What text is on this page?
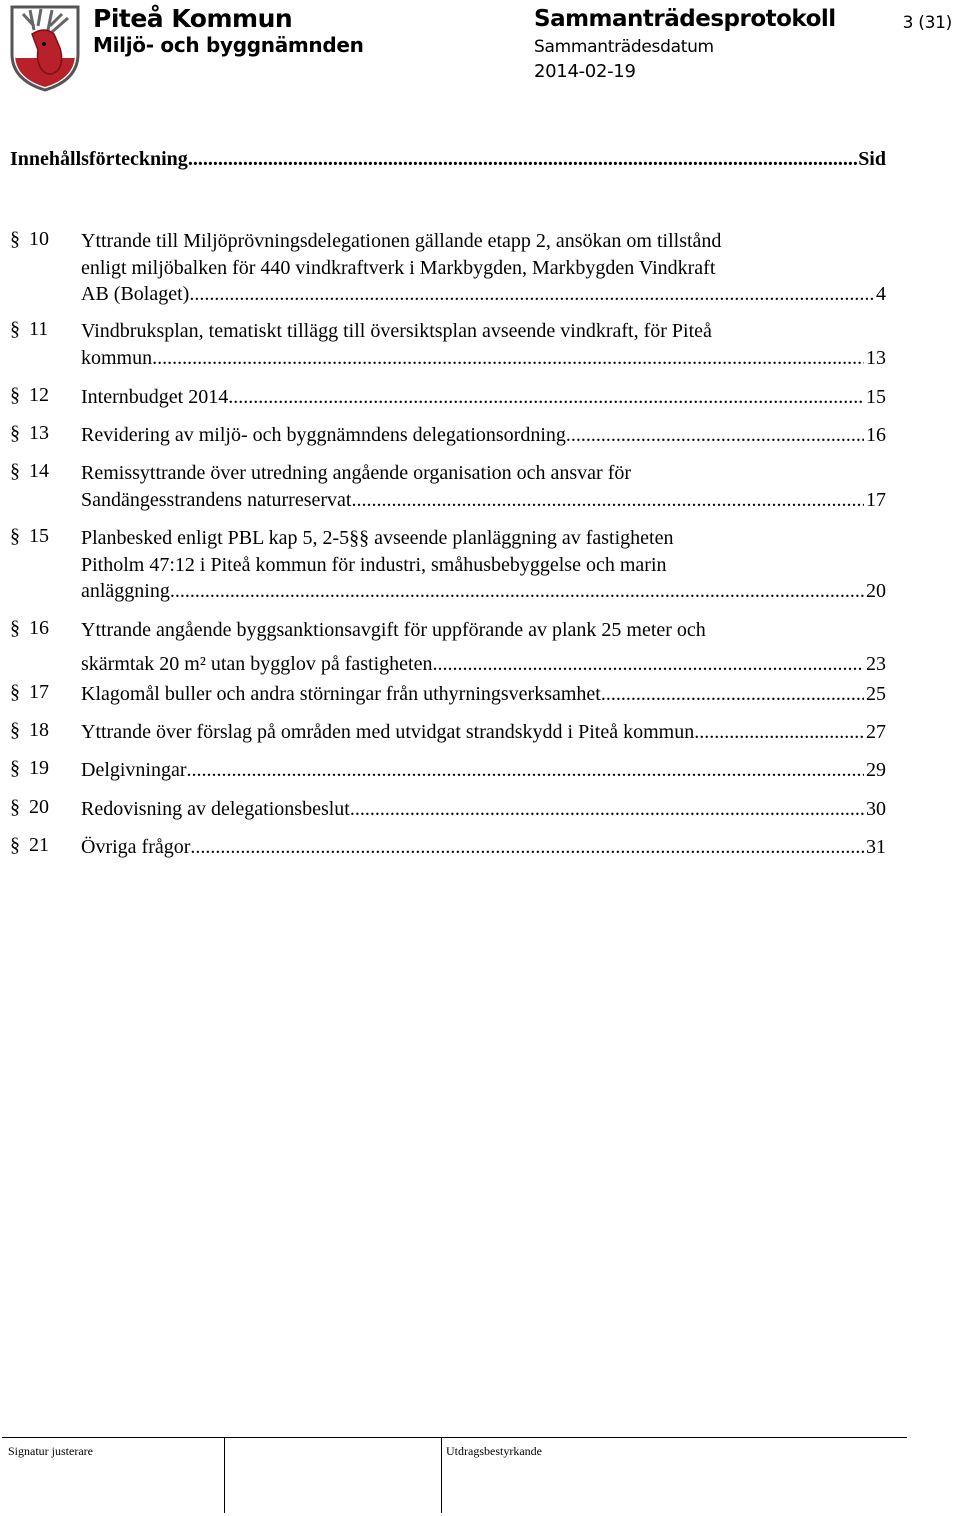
Piteå Kommun
Miljö- och byggnämnden
Sammanträdesprotokoll
Sammanträdesdatum
2014-02-19
3 (31)
Innehållsförteckning .....	Sid
§ 10 Yttrande till Miljöprövningsdelegationen gällande etapp 2, ansökan om tillstånd
enligt miljöbalken för 440 vindkraftverk i Markbygden, Markbygden Vindkraft
AB (Bolaget) .....	4
§ 11 Vindbruksplan, tematiskt tillägg till översiktsplan avseende vindkraft, för Piteå
kommun .....	13
§ 12 Internbudget 2014 .....	15
§ 13 Revidering av miljö- och byggnämndens delegationsordning .....	16
§ 14 Remissyttrande över utredning angående organisation och ansvar för
Sandängesstrandens naturreservat .....	17
§ 15 Planbesked enligt PBL kap 5, 2-5§§ avseende planläggning av fastigheten
Pitholm 47:12 i Piteå kommun för industri, småhusbebyggelse och marin
anläggning .....	20
§ 16 Yttrande angående byggsanktionsavgift för uppförande av plank 25 meter och
skärmtak 20 m² utan bygglov på fastigheten .....	23
§ 17 Klagomål buller och andra störningar från uthyrningsverksamhet .....	25
§ 18 Yttrande över förslag på områden med utvidgat strandskydd i Piteå kommun .....	27
§ 19 Delgivningar .....	29
§ 20 Redovisning av delegationsbeslut .....	30
§ 21 Övriga frågor .....	31
Signatur justerare	Utdragsbestyrkande
